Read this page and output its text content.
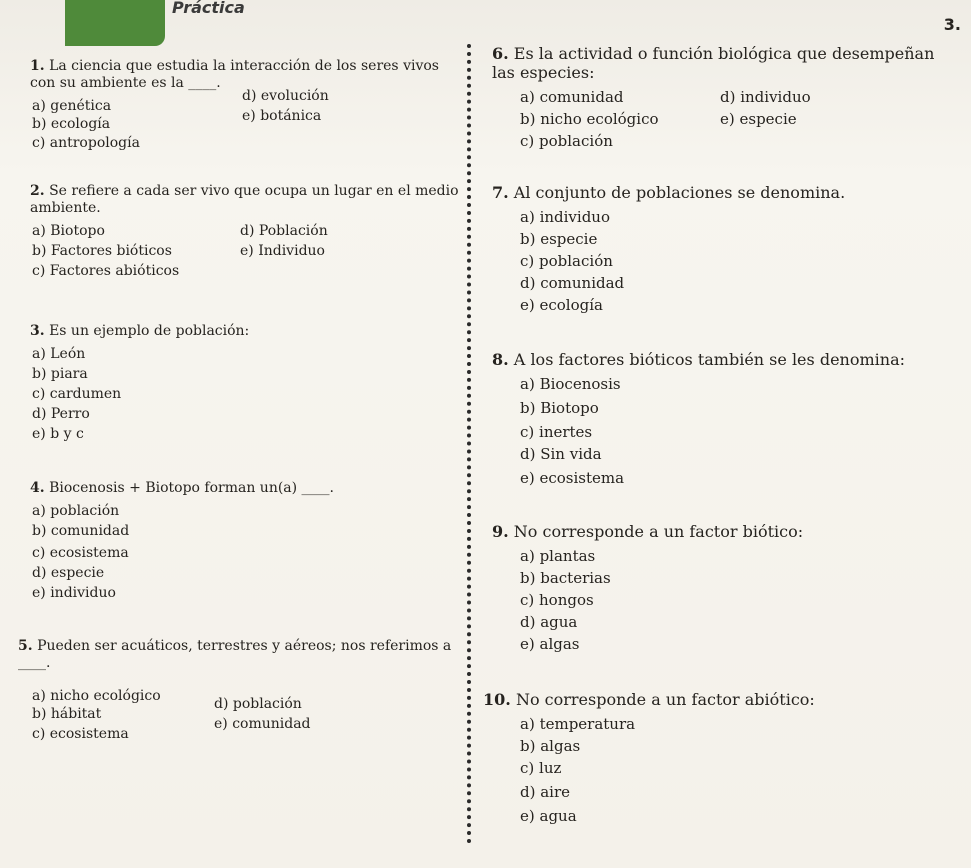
Práctica
3.

1. La ciencia que estudia la interacción de los seres vivos con su ambiente es la ____.

a) genética
b) ecología
c) antropología
d) evolución
e) botánica

2. Se refiere a cada ser vivo que ocupa un lugar en el medio ambiente.

a) Biotopo
b) Factores bióticos
c) Factores abióticos
d) Población
e) Individuo

3. Es un ejemplo de población:

a) León
b) piara
c) cardumen
d) Perro
e) b y c

4. Biocenosis + Biotopo forman un(a) ____.

a) población
b) comunidad
c) ecosistema
d) especie
e) individuo

5. Pueden ser acuáticos, terrestres y aéreos; nos referimos a ____.

a) nicho ecológico
b) hábitat
c) ecosistema
d) población
e) comunidad

6. Es la actividad o función biológica que desempeñan las especies:

a) comunidad
b) nicho ecológico
c) población
d) individuo
e) especie

7. Al conjunto de poblaciones se denomina.

a) individuo
b) especie
c) población
d) comunidad
e) ecología

8. A los factores bióticos también se les denomina:

a) Biocenosis
b) Biotopo
c) inertes
d) Sin vida
e) ecosistema

9. No corresponde a un factor biótico:

a) plantas
b) bacterias
c) hongos
d) agua
e) algas

10. No corresponde a un factor abiótico:

a) temperatura
b) algas
c) luz
d) aire
e) agua
